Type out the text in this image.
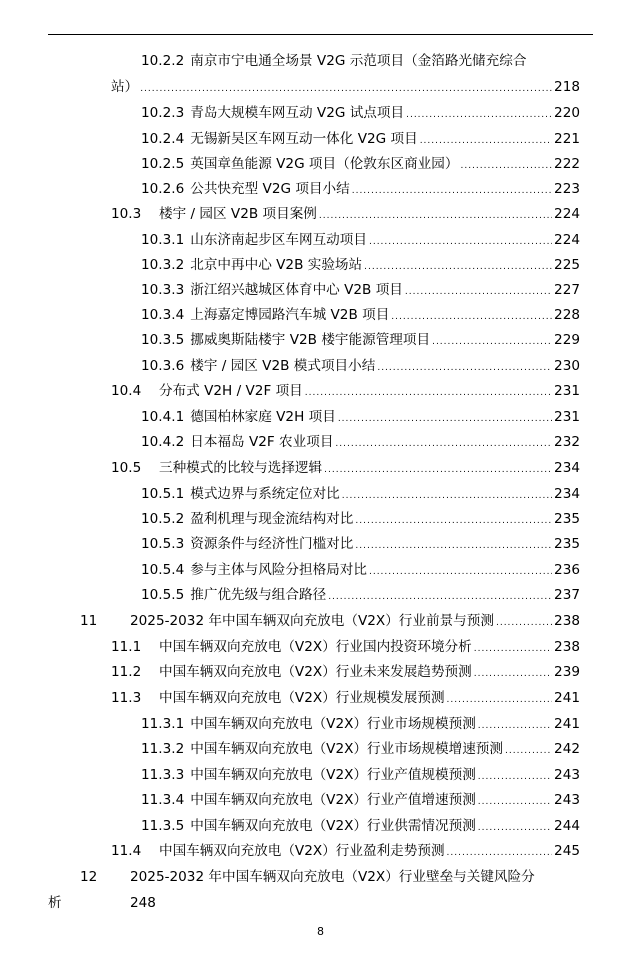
10.2.2 南京市宁电通全场景 V2G 示范项目（金箔路光储充综合
站） .....	218
10.2.3 青岛大规模车网互动 V2G 试点项目 .....	220
10.2.4 无锡新吴区车网互动一体化 V2G 项目 .....	221
10.2.5 英国章鱼能源 V2G 项目（伦敦东区商业园） .....	222
10.2.6 公共快充型 V2G 项目小结 .....	223
10.3	楼宇 / 园区 V2B 项目案例 .....	224
10.3.1 山东济南起步区车网互动项目 .....	224
10.3.2 北京中再中心 V2B 实验场站 .....	225
10.3.3 浙江绍兴越城区体育中心 V2B 项目 .....	227
10.3.4 上海嘉定博园路汽车城 V2B 项目 .....	228
10.3.5 挪威奥斯陆楼宇 V2B 楼宇能源管理项目 .....	229
10.3.6 楼宇 / 园区 V2B 模式项目小结 .....	230
10.4	分布式 V2H / V2F 项目 .....	231
10.4.1 德国柏林家庭 V2H 项目 .....	231
10.4.2 日本福岛 V2F 农业项目 .....	232
10.5	三种模式的比较与选择逻辑 .....	234
10.5.1 模式边界与系统定位对比 .....	234
10.5.2 盈利机理与现金流结构对比 .....	235
10.5.3 资源条件与经济性门槛对比 .....	235
10.5.4 参与主体与风险分担格局对比 .....	236
10.5.5 推广优先级与组合路径 .....	237
11	2025-2032 年中国车辆双向充放电（V2X）行业前景与预测 .....	238
11.1	中国车辆双向充放电（V2X）行业国内投资环境分析 .....	238
11.2	中国车辆双向充放电（V2X）行业未来发展趋势预测 .....	239
11.3	中国车辆双向充放电（V2X）行业规模发展预测 .....	241
11.3.1 中国车辆双向充放电（V2X）行业市场规模预测 .....	241
11.3.2 中国车辆双向充放电（V2X）行业市场规模增速预测 .....	242
11.3.3 中国车辆双向充放电（V2X）行业产值规模预测 .....	243
11.3.4 中国车辆双向充放电（V2X）行业产值增速预测 .....	243
11.3.5 中国车辆双向充放电（V2X）行业供需情况预测 .....	244
11.4	中国车辆双向充放电（V2X）行业盈利走势预测 .....	245
12	2025-2032 年中国车辆双向充放电（V2X）行业壁垒与关键风险分
析	248
8
